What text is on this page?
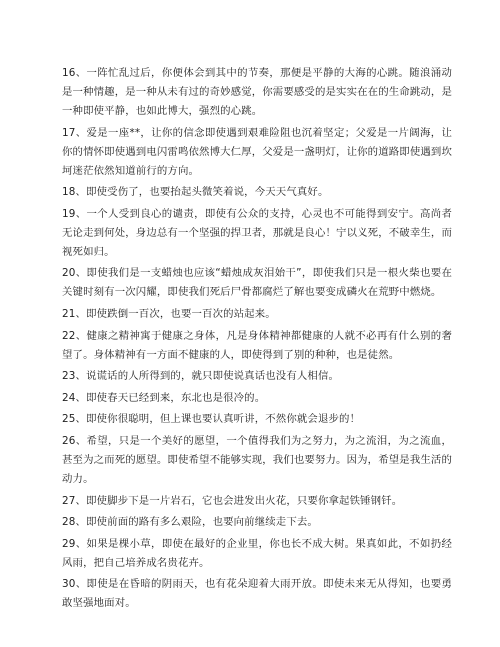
16、一阵忙乱过后，你便体会到其中的节奏，那便是平静的大海的心跳。随浪涌动是一种情趣，是一种从未有过的奇妙感觉，你需要感受的是实实在在的生命跳动，是一种即使平静，也如此博大，强烈的心跳。

17、爱是一座**，让你的信念即使遇到艰难险阻也沉着坚定；父爱是一片阔海，让你的情怀即使遇到电闪雷鸣依然博大仁厚，父爱是一盏明灯，让你的道路即使遇到坎坷迷茫依然知道前行的方向。

18、即使受伤了，也要抬起头微笑着说，今天天气真好。

19、一个人受到良心的谴责，即使有公众的支持，心灵也不可能得到安宁。高尚者无论走到何处，身边总有一个坚强的捍卫者，那就是良心！宁以义死，不破幸生，而视死如归。

20、即使我们是一支蜡烛也应该“蜡烛成灰泪始干”，即使我们只是一根火柴也要在关键时刻有一次闪耀，即使我们死后尸骨都腐烂了解也要变成磷火在荒野中燃烧。

21、即使跌倒一百次，也要一百次的站起来。

22、健康之精神寓于健康之身体，凡是身体精神都健康的人就不必再有什么别的奢望了。身体精神有一方面不健康的人，即使得到了别的种种，也是徒然。

23、说谎话的人所得到的，就只即使说真话也没有人相信。

24、即使春天已经到来，东北也是很冷的。

25、即使你很聪明，但上课也要认真听讲，不然你就会退步的！

26、希望，只是一个美好的愿望，一个值得我们为之努力，为之流泪，为之流血，甚至为之而死的愿望。即使希望不能够实现，我们也要努力。因为，希望是我生活的动力。

27、即使脚步下是一片岩石，它也会进发出火花，只要你拿起铁锤钢钎。

28、即使前面的路有多么艰险，也要向前继续走下去。

29、如果是棵小草，即使在最好的企业里，你也长不成大树。果真如此，不如扔经风雨，把自己培养成名贵花卉。

30、即使是在昏暗的阴雨天，也有花朵迎着大雨开放。即使未来无从得知，也要勇敢坚强地面对。
